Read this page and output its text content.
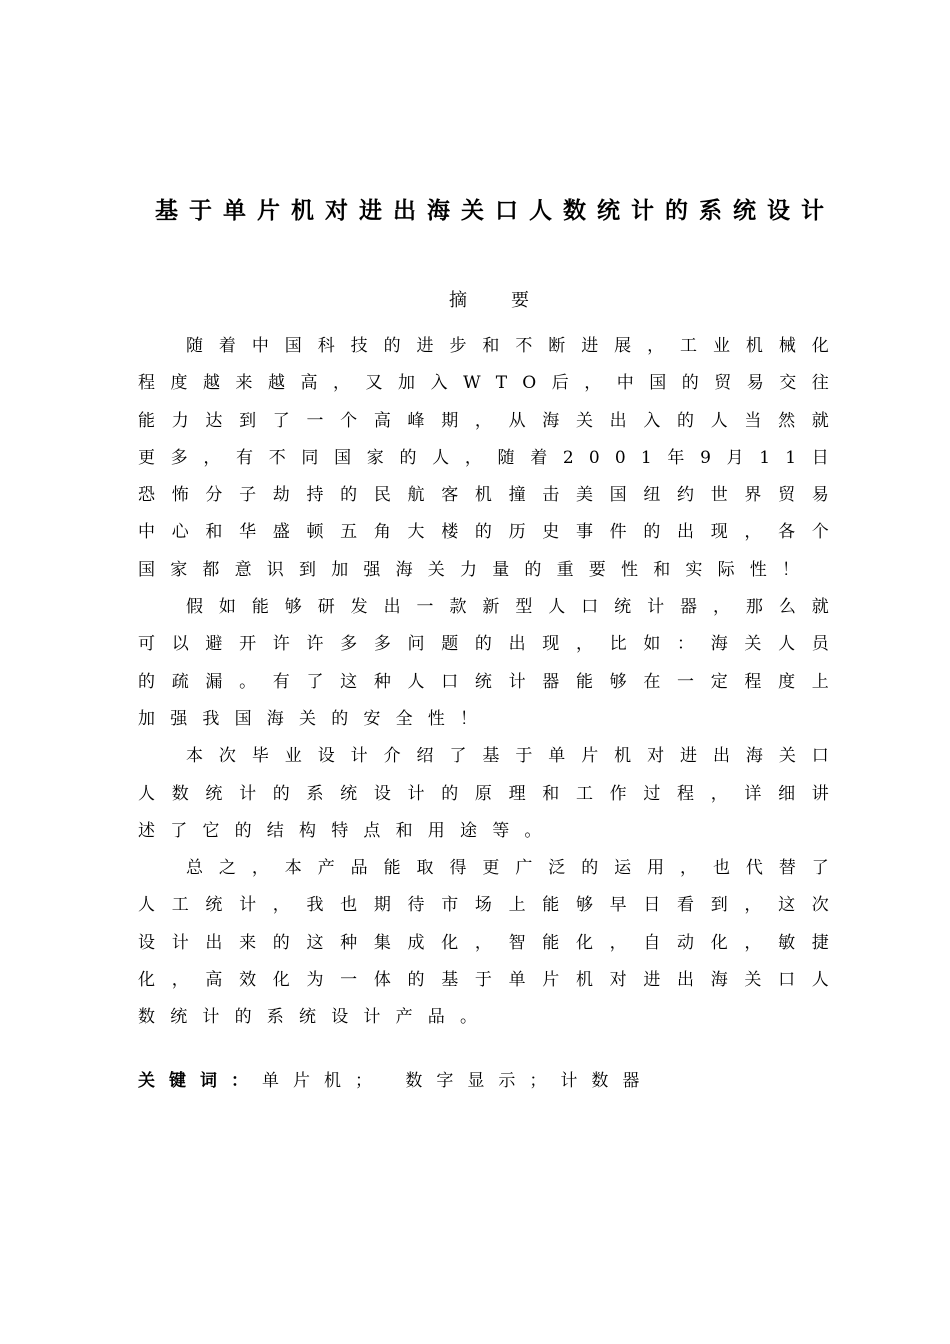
基于单片机对进出海关口人数统计的系统设计
摘要

随着中国科技的进步和不断进展，工业机械化程度越来越高，又加入WTO后，中国的贸易交往能力达到了一个高峰期，从海关出入的人当然就更多，有不同国家的人，随着2001年9月11日恐怖分子劫持的民航客机撞击美国纽约世界贸易中心和华盛顿五角大楼的历史事件的出现，各个国家都意识到加强海关力量的重要性和实际性！

假如能够研发出一款新型人口统计器，那么就可以避开许许多多问题的出现，比如：海关人员的疏漏。有了这种人口统计器能够在一定程度上加强我国海关的安全性！

本次毕业设计介绍了基于单片机对进出海关口人数统计的系统设计的原理和工作过程，详细讲述了它的结构特点和用途等。

总之，本产品能取得更广泛的运用，也代替了人工统计，我也期待市场上能够早日看到，这次设计出来的这种集成化，智能化，自动化，敏捷化，高效化为一体的基于单片机对进出海关口人数统计的系统设计产品。

关键词：单片机； 数字显示；计数器
